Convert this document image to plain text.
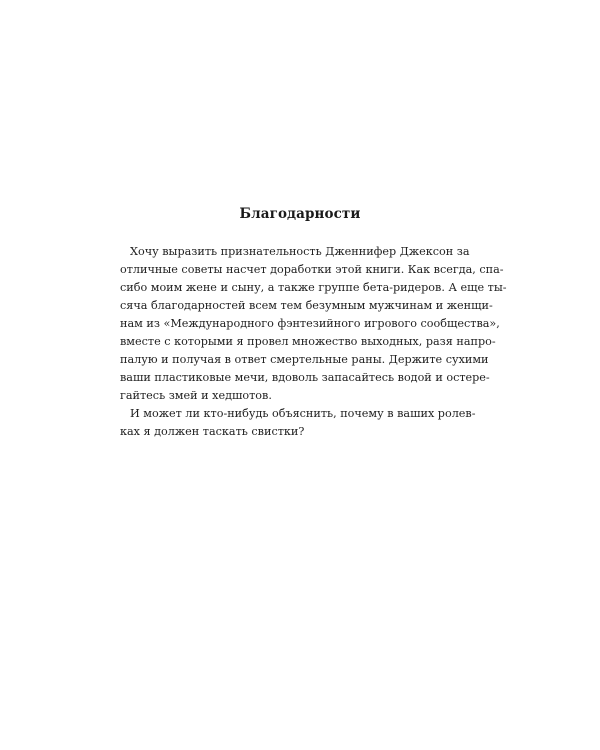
Благодарности
Хочу выразить признательность Дженнифер Джексон за
отличные советы насчет доработки этой книги. Как всегда, спа-
сибо моим жене и сыну, а также группе бета-ридеров. А еще ты-
сяча благодарностей всем тем безумным мужчинам и женщи-
нам из «Международного фэнтезийного игрового сообщества»,
вместе с которыми я провел множество выходных, разя напро-
палую и получая в ответ смертельные раны. Держите сухими
ваши пластиковые мечи, вдоволь запасайтесь водой и остере-
гайтесь змей и хедшотов.
И может ли кто-нибудь объяснить, почему в ваших ролев-
ках я должен таскать свистки?
